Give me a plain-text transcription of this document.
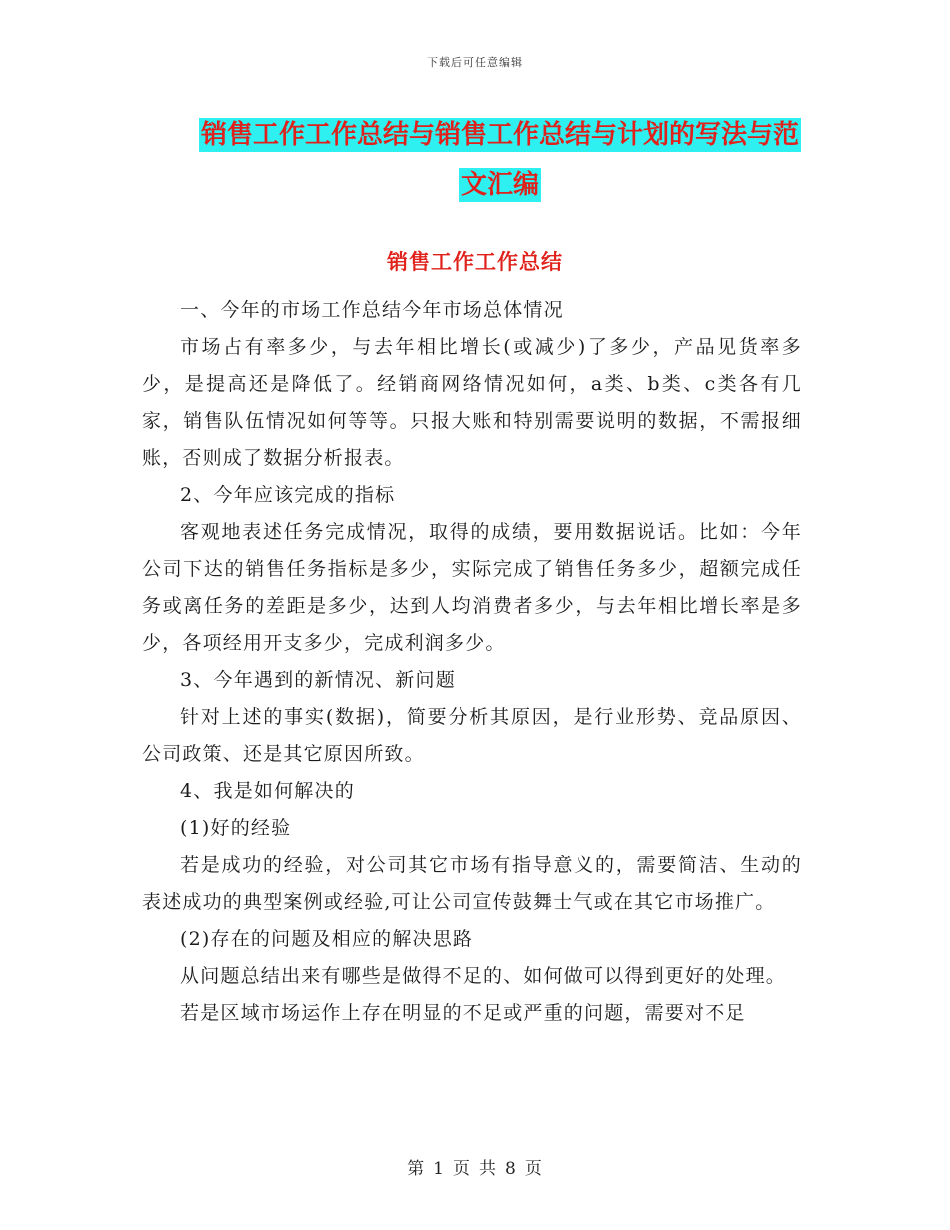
下载后可任意编辑
销售工作工作总结与销售工作总结与计划的写法与范
文汇编
销售工作工作总结

一、今年的市场工作总结今年市场总体情况

市场占有率多少，与去年相比增长(或减少)了多少，产品见货率多少，是提高还是降低了。经销商网络情况如何，a类、b类、c类各有几家，销售队伍情况如何等等。只报大账和特别需要说明的数据，不需报细账，否则成了数据分析报表。

2、今年应该完成的指标

客观地表述任务完成情况，取得的成绩，要用数据说话。比如：今年公司下达的销售任务指标是多少，实际完成了销售任务多少，超额完成任务或离任务的差距是多少，达到人均消费者多少，与去年相比增长率是多少，各项经用开支多少，完成利润多少。

3、今年遇到的新情况、新问题

针对上述的事实(数据)，简要分析其原因，是行业形势、竞品原因、公司政策、还是其它原因所致。

4、我是如何解决的

(1)好的经验

若是成功的经验，对公司其它市场有指导意义的，需要简洁、生动的表述成功的典型案例或经验,可让公司宣传鼓舞士气或在其它市场推广。

(2)存在的问题及相应的解决思路

从问题总结出来有哪些是做得不足的、如何做可以得到更好的处理。

若是区域市场运作上存在明显的不足或严重的问题，需要对不足

第 1 页 共 8 页
